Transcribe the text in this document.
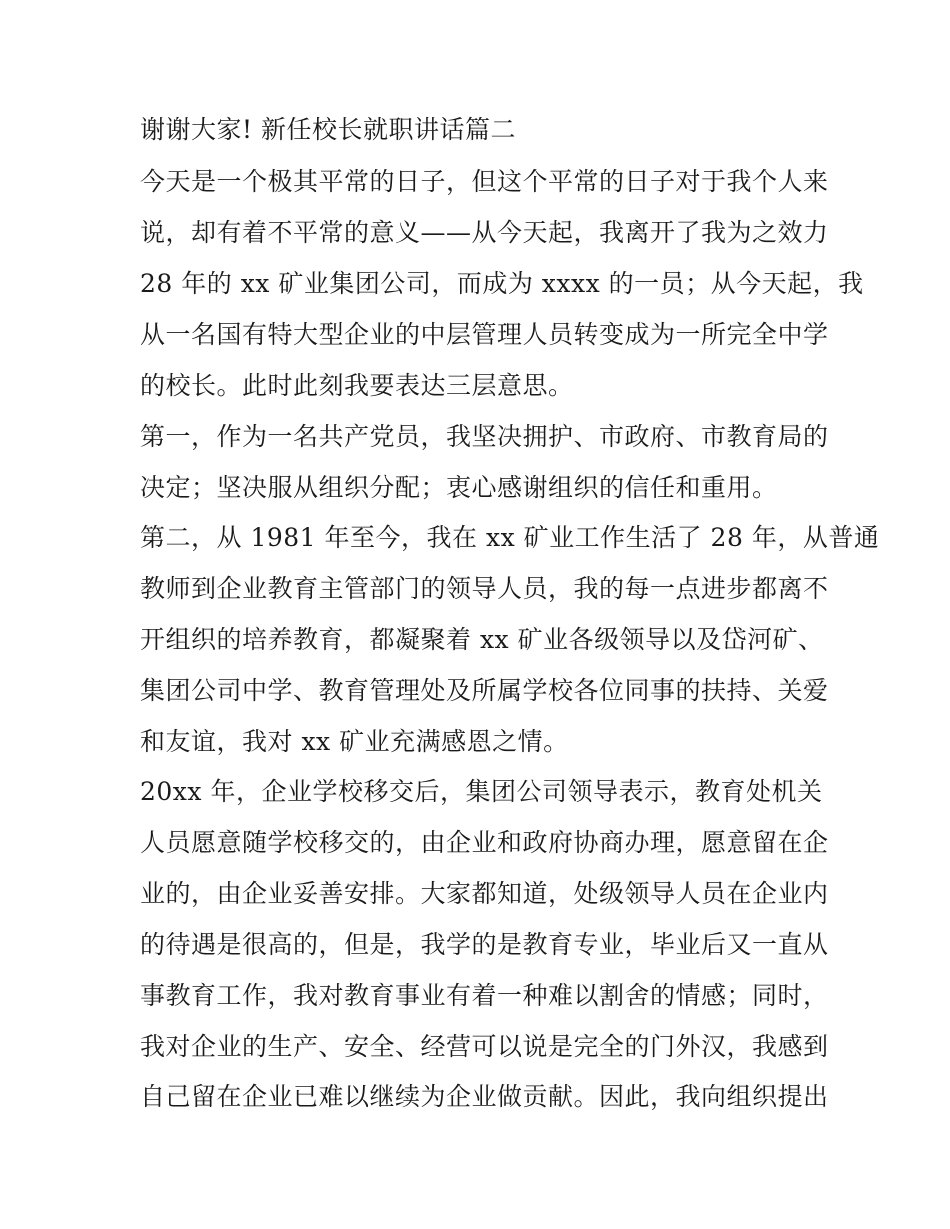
谢谢大家! 新任校长就职讲话篇二

今天是一个极其平常的日子，但这个平常的日子对于我个人来

说，却有着不平常的意义——从今天起，我离开了我为之效力

28 年的 xx 矿业集团公司，而成为 xxxx 的一员；从今天起，我

从一名国有特大型企业的中层管理人员转变成为一所完全中学

的校长。此时此刻我要表达三层意思。

第一，作为一名共产党员，我坚决拥护、市政府、市教育局的

决定；坚决服从组织分配；衷心感谢组织的信任和重用。

第二，从 1981 年至今，我在 xx 矿业工作生活了 28 年，从普通

教师到企业教育主管部门的领导人员，我的每一点进步都离不

开组织的培养教育，都凝聚着 xx 矿业各级领导以及岱河矿、

集团公司中学、教育管理处及所属学校各位同事的扶持、关爱

和友谊，我对 xx 矿业充满感恩之情。

20xx 年，企业学校移交后，集团公司领导表示，教育处机关

人员愿意随学校移交的，由企业和政府协商办理，愿意留在企

业的，由企业妥善安排。大家都知道，处级领导人员在企业内

的待遇是很高的，但是，我学的是教育专业，毕业后又一直从

事教育工作，我对教育事业有着一种难以割舍的情感；同时，

我对企业的生产、安全、经营可以说是完全的门外汉，我感到

自己留在企业已难以继续为企业做贡献。因此，我向组织提出
